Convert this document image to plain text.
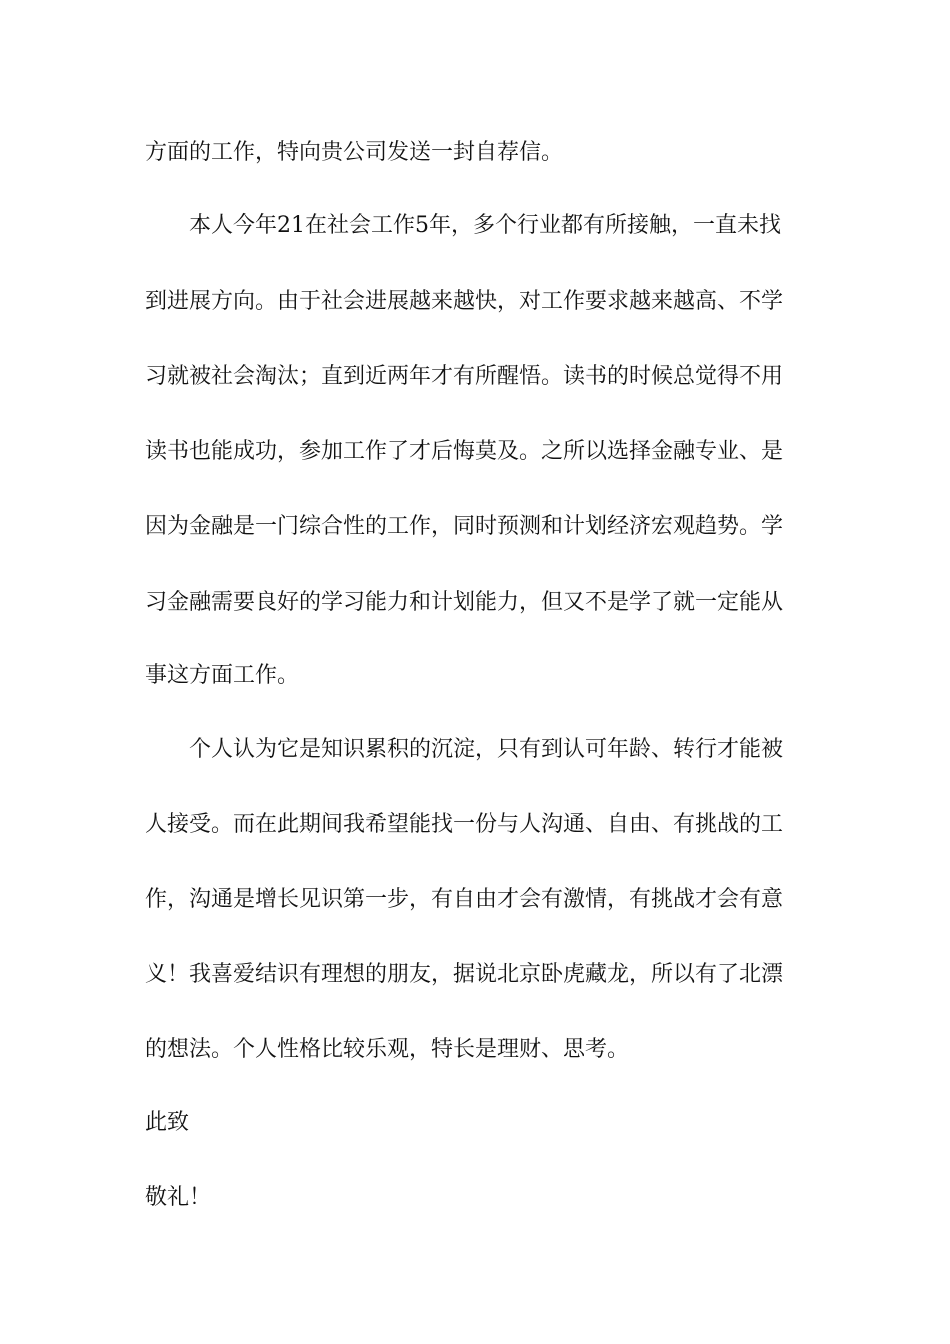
方面的工作，特向贵公司发送一封自荐信。
本人今年21在社会工作5年，多个行业都有所接触，一直未找
到进展方向。由于社会进展越来越快，对工作要求越来越高、不学
习就被社会淘汰；直到近两年才有所醒悟。读书的时候总觉得不用
读书也能成功，参加工作了才后悔莫及。之所以选择金融专业、是
因为金融是一门综合性的工作，同时预测和计划经济宏观趋势。学
习金融需要良好的学习能力和计划能力，但又不是学了就一定能从
事这方面工作。
个人认为它是知识累积的沉淀，只有到认可年龄、转行才能被
人接受。而在此期间我希望能找一份与人沟通、自由、有挑战的工
作，沟通是增长见识第一步，有自由才会有激情，有挑战才会有意
义！我喜爱结识有理想的朋友，据说北京卧虎藏龙，所以有了北漂
的想法。个人性格比较乐观，特长是理财、思考。
此致
敬礼！
